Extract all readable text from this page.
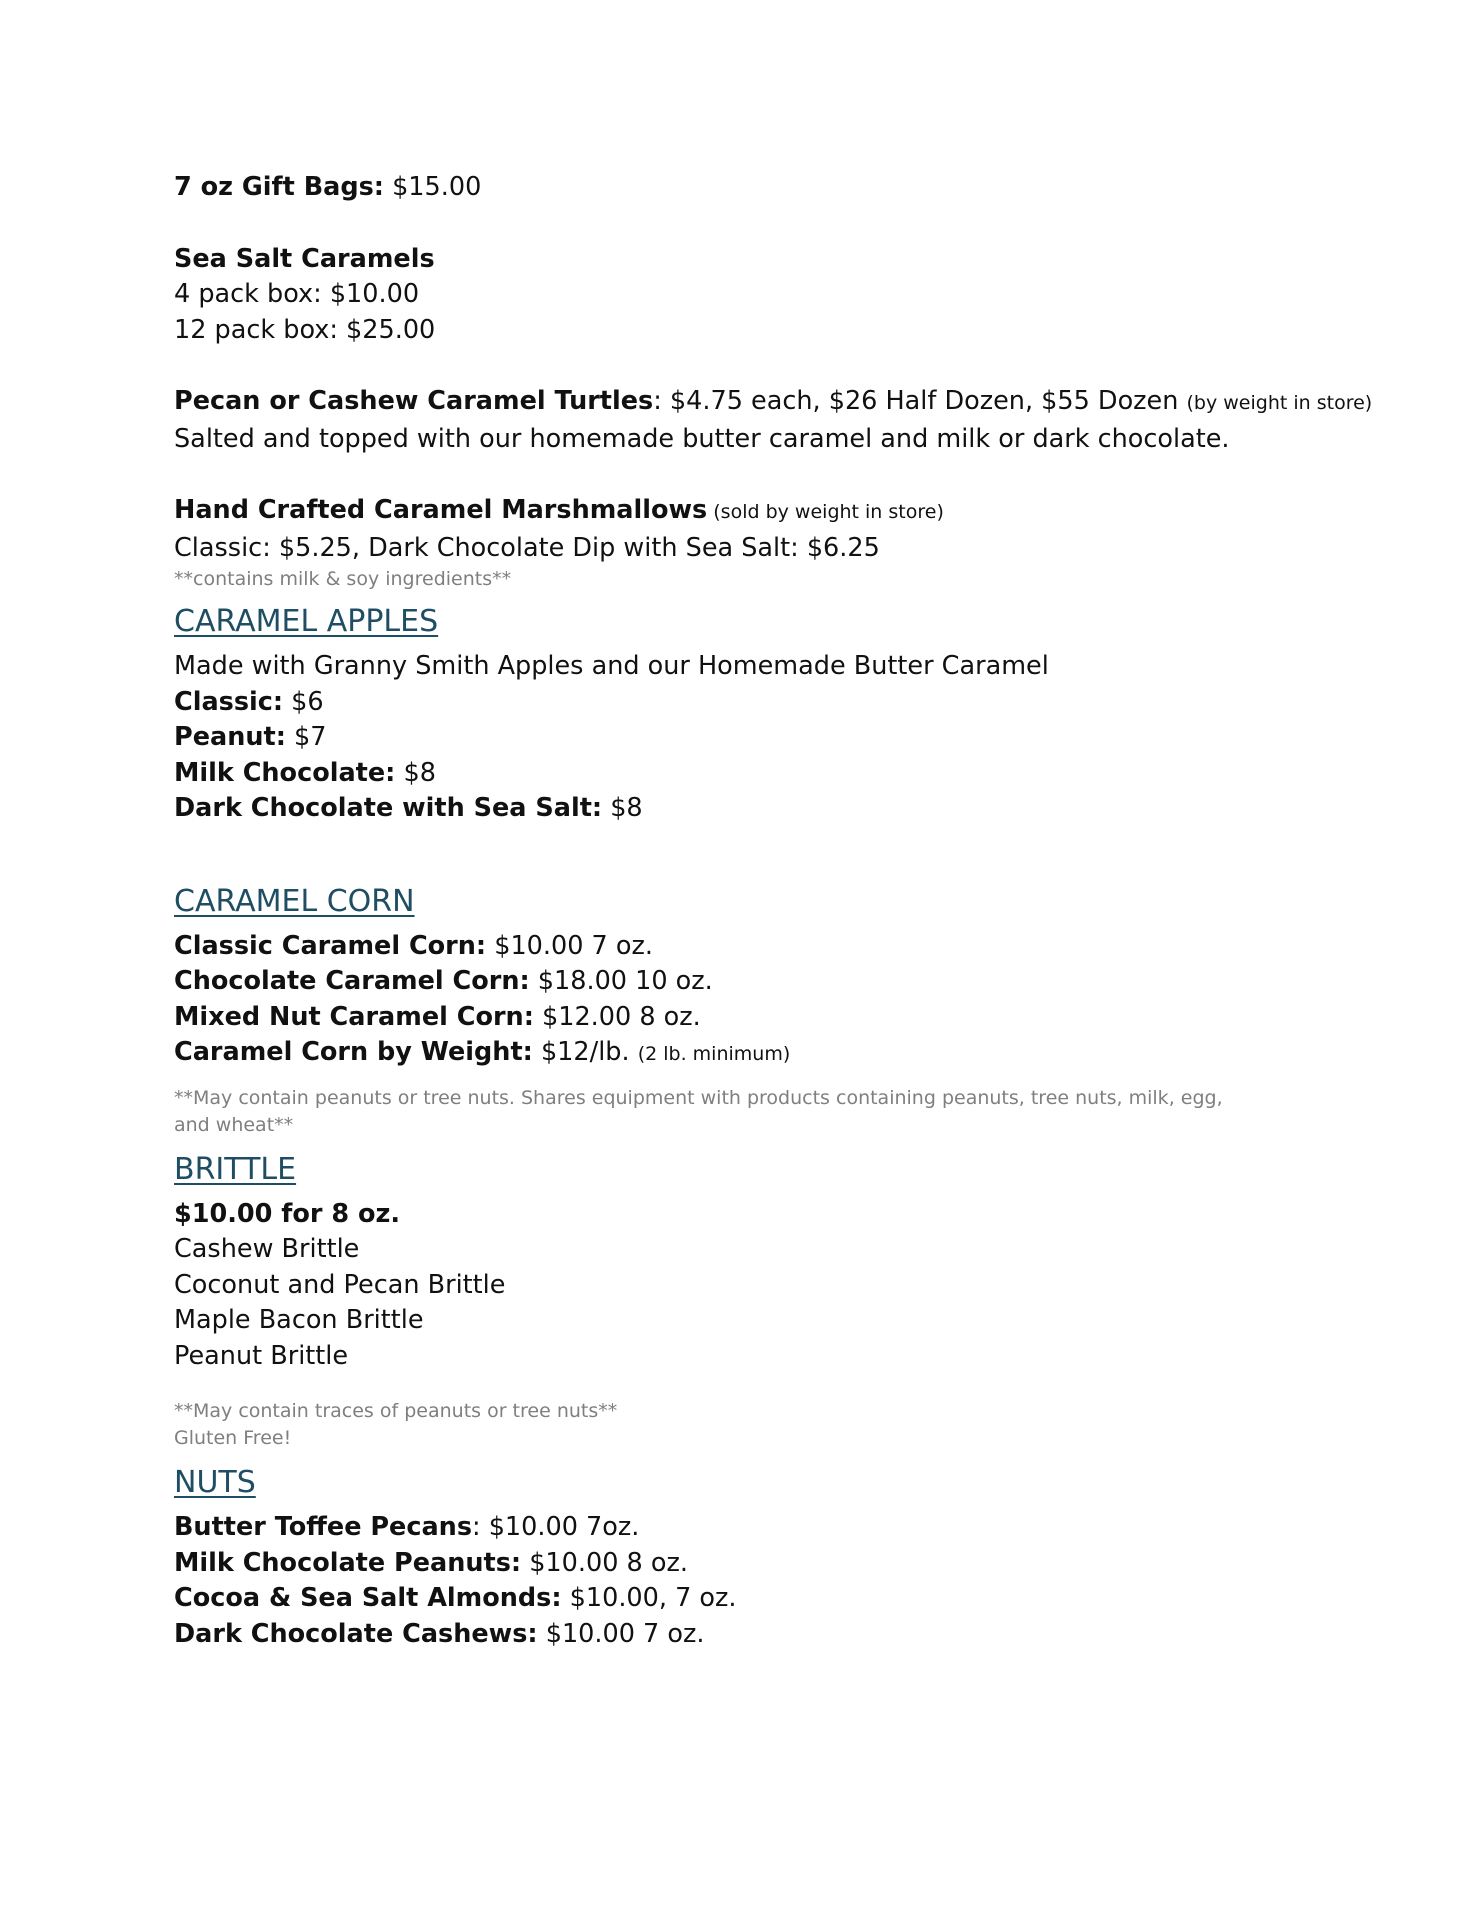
7 oz Gift Bags: $15.00
Sea Salt Caramels
4 pack box: $10.00
12 pack box: $25.00
Pecan or Cashew Caramel Turtles: $4.75 each, $26 Half Dozen, $55 Dozen (by weight in store)
Salted and topped with our homemade butter caramel and milk or dark chocolate.
Hand Crafted Caramel Marshmallows (sold by weight in store)
Classic: $5.25, Dark Chocolate Dip with Sea Salt: $6.25
**contains milk & soy ingredients**
CARAMEL APPLES
Made with Granny Smith Apples and our Homemade Butter Caramel
Classic: $6
Peanut: $7
Milk Chocolate: $8
Dark Chocolate with Sea Salt: $8
CARAMEL CORN
Classic Caramel Corn: $10.00 7 oz.
Chocolate Caramel Corn: $18.00 10 oz.
Mixed Nut Caramel Corn: $12.00 8 oz.
Caramel Corn by Weight: $12/lb. (2 lb. minimum)
**May contain peanuts or tree nuts. Shares equipment with products containing peanuts, tree nuts, milk, egg, and wheat**
BRITTLE
$10.00 for 8 oz.
Cashew Brittle
Coconut and Pecan Brittle
Maple Bacon Brittle
Peanut Brittle
**May contain traces of peanuts or tree nuts**
Gluten Free!
NUTS
Butter Toffee Pecans: $10.00 7oz.
Milk Chocolate Peanuts: $10.00 8 oz.
Cocoa & Sea Salt Almonds: $10.00, 7 oz.
Dark Chocolate Cashews: $10.00 7 oz.
